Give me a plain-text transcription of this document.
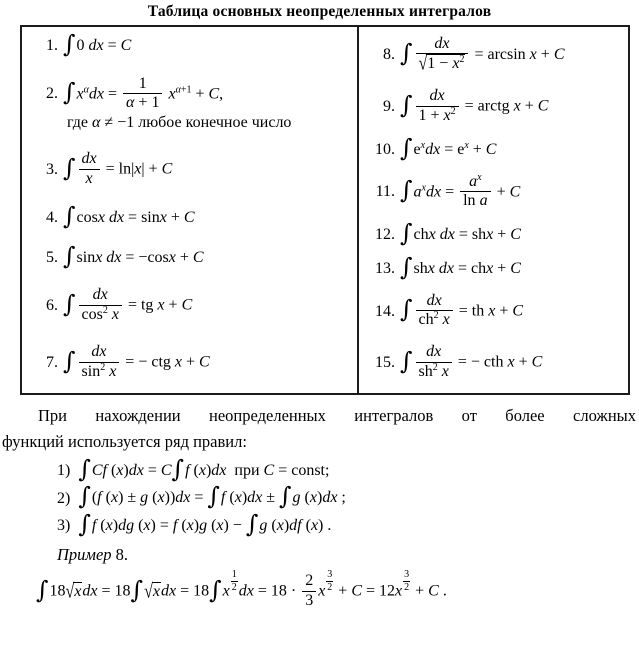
Таблица основных неопределенных интегралов
1. ∫0 dx = C
2. $\int x^\alpha dx = \frac{1}{\alpha + 1} x^{\alpha+1} + C$,
где α ≠ −1 любое конечное число
3. ∫ $\frac{dx}{x} = \ln|x| + C$
4. ∫cosx dx = sinx + C
5. ∫sinx dx = −cosx + C
6. ∫ $\frac{dx}{\cos^2 x}$ = tg x + C
7. ∫ $\frac{dx}{\sin^2 x}$ = − ctg x + C
8. ∫ $\frac{dx}{√1 - x^2} = \arcsin x + C$
9. ∫ $\frac{dx}{1 + x^2}$ = arctg x + C
10. $\int e^xdx = e^x + C$
11. $\int a^xdx = \frac{a^x}{\text{ln a}} + C$
12. ∫chx dx = shx + C
13. ∫shx dx = chx + C
14. ∫ $\frac{dx}{ch^2 x}$ = th x + C
15. ∫ $\frac{dx}{sh^2 x}$ = − cth x + C
При нахождении неопределенных интегралов от более сложных
функций используется ряд правил:
1) ∫Cf (x)dx = C∫f (x)dx  при C = const;
2) ∫(f (x) ± g (x))dx = ∫f (x)dx ± ∫g (x)dx ;
3) ∫f (x)dg (x) = f (x)g (x) − ∫g (x)df (x) .
Пример 8.
∫18√xdx = 18∫√xdx = 18∫x $^{\frac{1}{2}}$ dx = $18 \cdot \frac{2}{3}$ x $^{\frac{3}{2}}$ + C = 12x $^{\frac{3}{2}}$ + C .
